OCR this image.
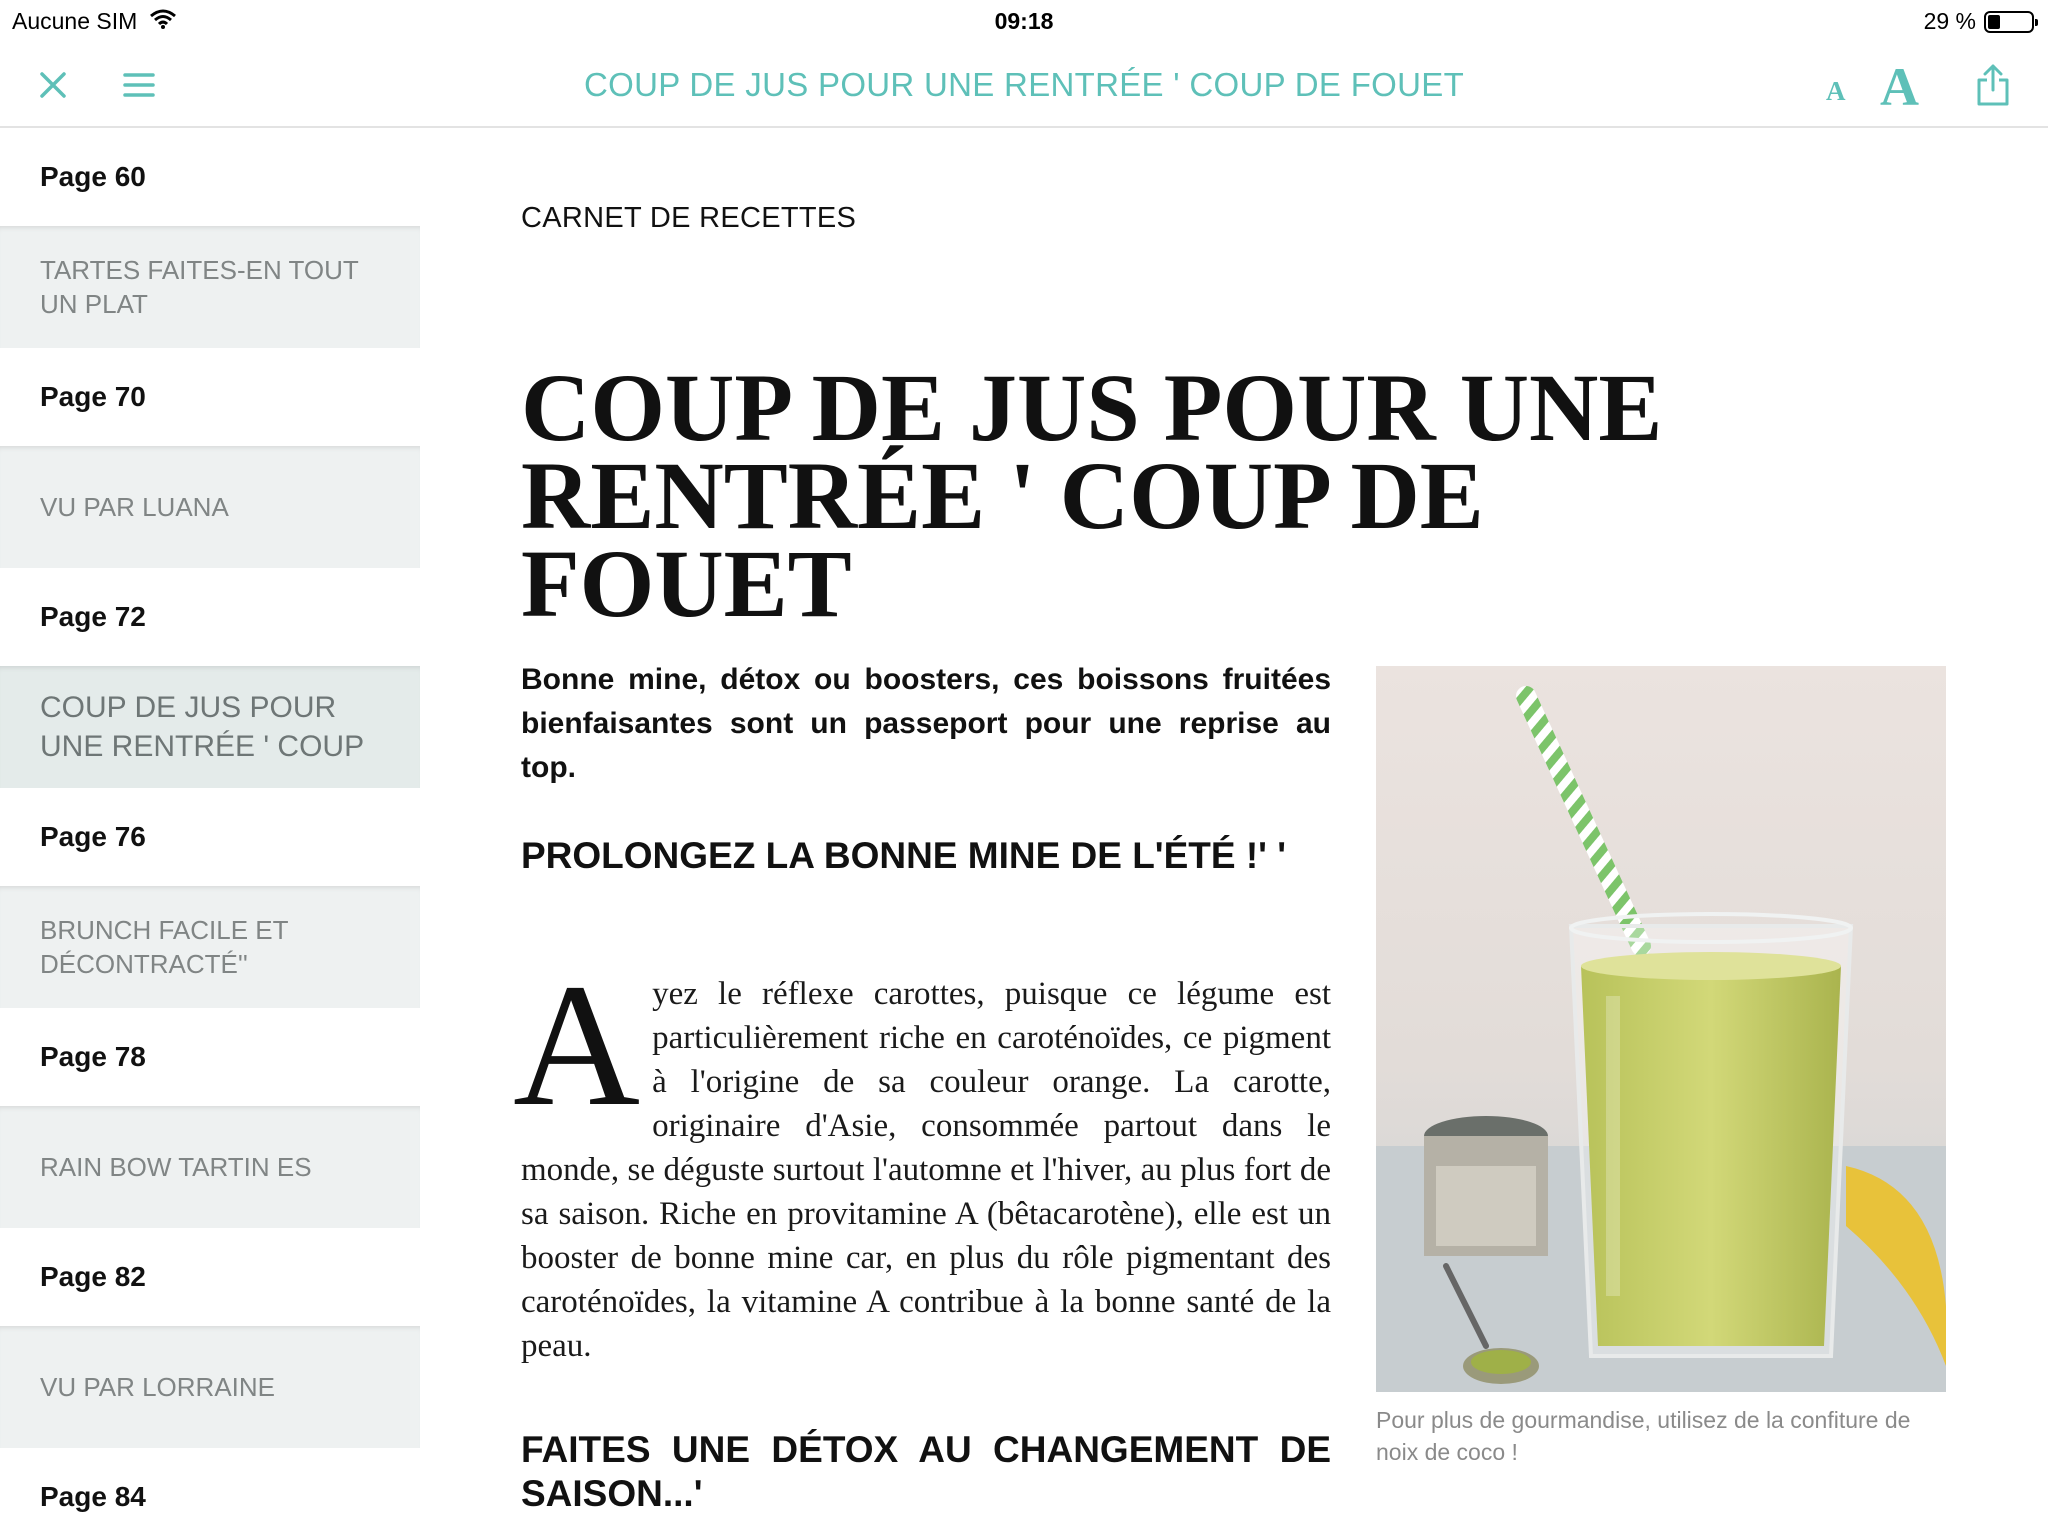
Aucune SIM	09:18	29 %
COUP DE JUS POUR UNE RENTRÉE ' COUP DE FOUET	A A
Page 60
TARTES FAITES-EN TOUT UN PLAT
Page 70
VU PAR LUANA
Page 72
COUP DE JUS POUR UNE RENTRÉE ' COUP
Page 76
BRUNCH FACILE ET DÉCONTRACTÉ''
Page 78
RAIN BOW TARTIN ES
Page 82
VU PAR LORRAINE
Page 84
CARNET DE RECETTES
COUP DE JUS POUR UNE RENTRÉE ' COUP DE FOUET

Bonne mine, détox ou boosters, ces boissons fruitées bienfaisantes sont un passeport pour une reprise au top.

PROLONGEZ LA BONNE MINE DE L'ÉTÉ !' '
A yez le réflexe carottes, puisque ce légume est particulièrement riche en caroténoïdes, ce pigment à l'origine de sa couleur orange. La carotte, originaire d'Asie, consommée partout dans le monde, se déguste surtout l'automne et l'hiver, au plus fort de sa saison. Riche en provitamine A (bêtacarotène), elle est un booster de bonne mine car, en plus du rôle pigmentant des caroténoïdes, la vitamine A contribue à la bonne santé de la peau.
FAITES UNE DÉTOX AU CHANGEMENT DE SAISON...'
Pour plus de gourmandise, utilisez de la confiture de noix de coco !
